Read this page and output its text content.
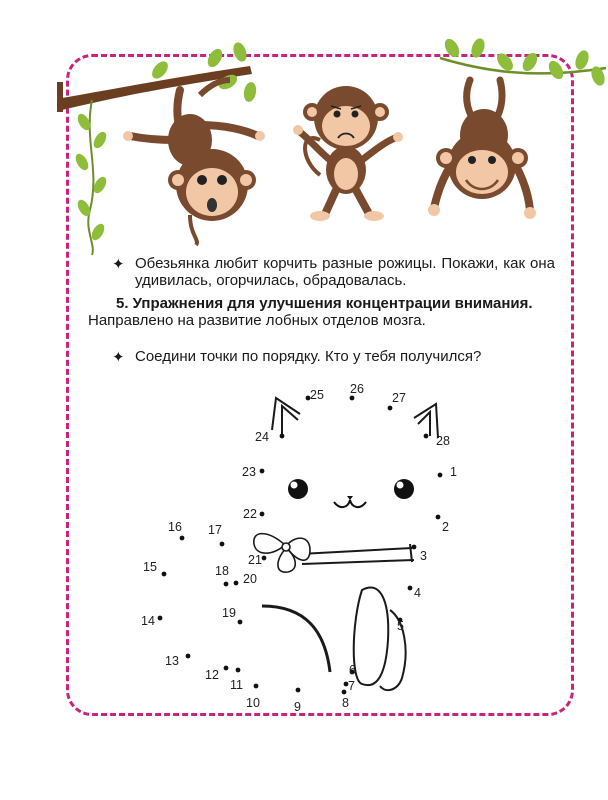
1
2
3
4
5
6
7
8
9
10
11
12
13
14
15
16 17
18
19
20
21
22
23
24
25 26
27
28
✦ Обезьянка любит корчить разные рожицы. Покажи, как она удивилась, огорчилась, обрадовалась.
5. Упражнения для улучшения концентрации внимания.
Направлено на развитие лобных отделов мозга.
✦ Соедини точки по порядку. Кто у тебя получился?
